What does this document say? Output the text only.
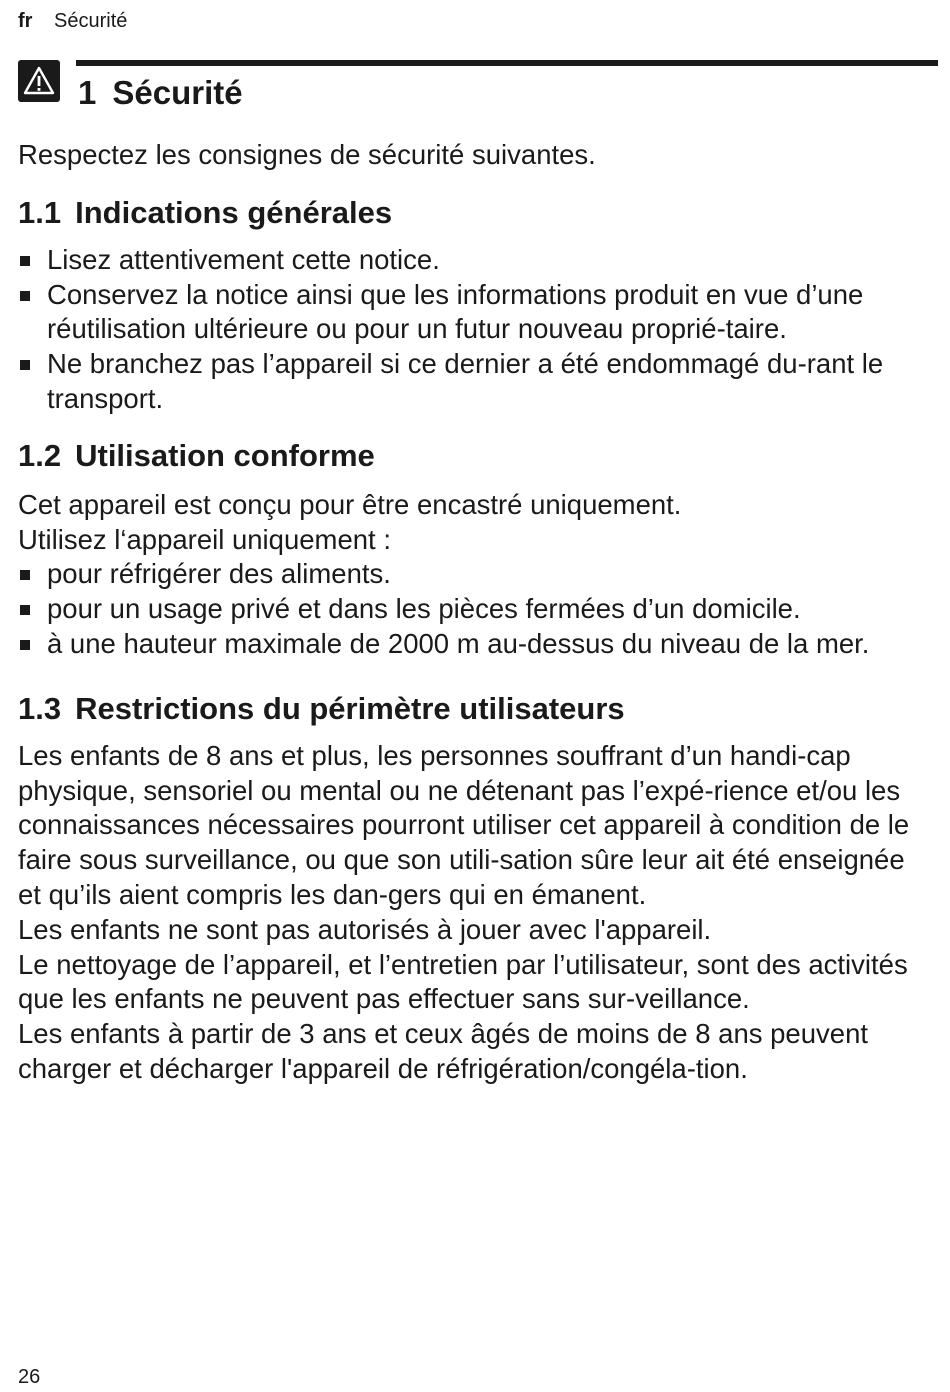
fr Sécurité
1 Sécurité

Respectez les consignes de sécurité suivantes.

1.1 Indications générales
Lisez attentivement cette notice.
Conservez la notice ainsi que les informations produit en vue d’une réutilisation ultérieure ou pour un futur nouveau proprié-taire.
Ne branchez pas l’appareil si ce dernier a été endommagé du-rant le transport.
1.2 Utilisation conforme

Cet appareil est conçu pour être encastré uniquement.

Utilisez l‘appareil uniquement :

pour réfrigérer des aliments.
pour un usage privé et dans les pièces fermées d’un domicile.
à une hauteur maximale de 2000 m au-dessus du niveau de la mer.
1.3 Restrictions du périmètre utilisateurs

Les enfants de 8 ans et plus, les personnes souffrant d’un handi-cap physique, sensoriel ou mental ou ne détenant pas l’expé-rience et/ou les connaissances nécessaires pourront utiliser cet appareil à condition de le faire sous surveillance, ou que son utili-sation sûre leur ait été enseignée et qu’ils aient compris les dan-gers qui en émanent.

Les enfants ne sont pas autorisés à jouer avec l'appareil.

Le nettoyage de l’appareil, et l’entretien par l’utilisateur, sont des activités que les enfants ne peuvent pas effectuer sans sur-veillance.

Les enfants à partir de 3 ans et ceux âgés de moins de 8 ans peuvent charger et décharger l'appareil de réfrigération/congéla-tion.

26
